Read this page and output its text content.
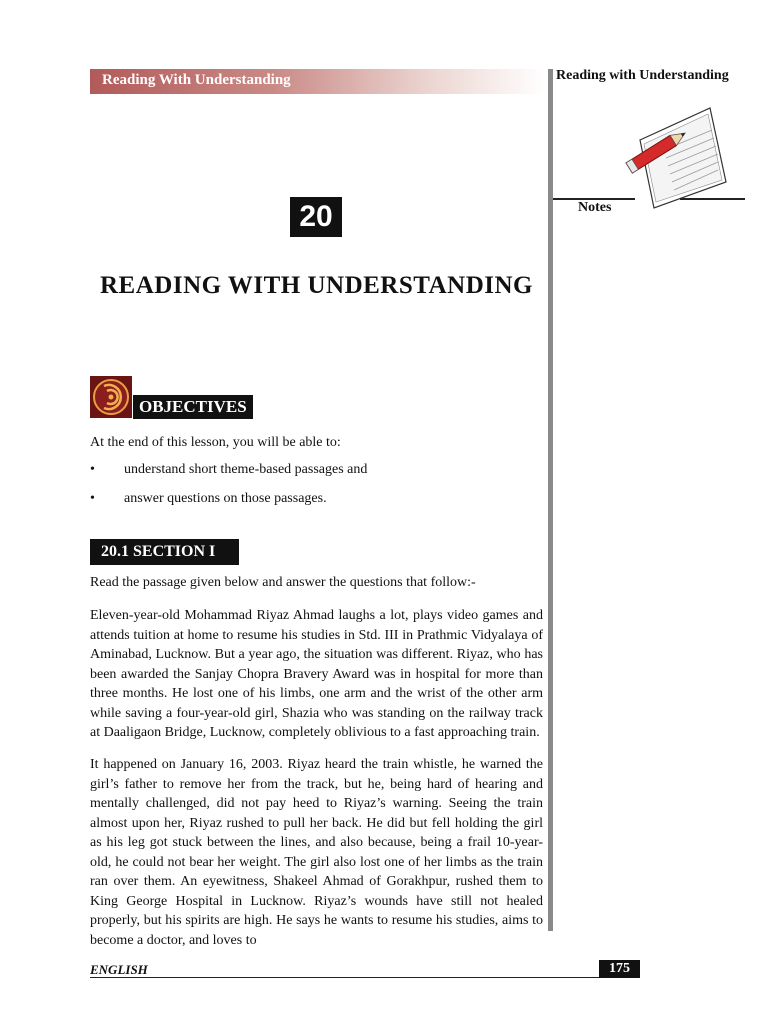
Reading With Understanding	Reading with Understanding
Notes
20
READING WITH UNDERSTANDING
OBJECTIVES
At the end of this lesson, you will be able to:
• understand short theme-based passages and
• answer questions on those passages.
20.1 SECTION I
Read the passage given below and answer the questions that follow:-

Eleven-year-old Mohammad Riyaz Ahmad laughs a lot, plays video games and attends tuition at home to resume his studies in Std. III in Prathmic Vidyalaya of Aminabad, Lucknow. But a year ago, the situation was different. Riyaz, who has been awarded the Sanjay Chopra Bravery Award was in hospital for more than three months. He lost one of his limbs, one arm and the wrist of the other arm while saving a four-year-old girl, Shazia who was standing on the railway track at Daaligaon Bridge, Lucknow, completely oblivious to a fast approaching train.

It happened on January 16, 2003. Riyaz heard the train whistle, he warned the girl’s father to remove her from the track, but he, being hard of hearing and mentally challenged, did not pay heed to Riyaz’s warning. Seeing the train almost upon her, Riyaz rushed to pull her back. He did but fell holding the girl as his leg got stuck between the lines, and also because, being a frail 10-year-old, he could not bear her weight. The girl also lost one of her limbs as the train ran over them. An eyewitness, Shakeel Ahmad of Gorakhpur, rushed them to King George Hospital in Lucknow. Riyaz’s wounds have still not healed properly, but his spirits are high. He says he wants to resume his studies, aims to become a doctor, and loves to

ENGLISH	175
